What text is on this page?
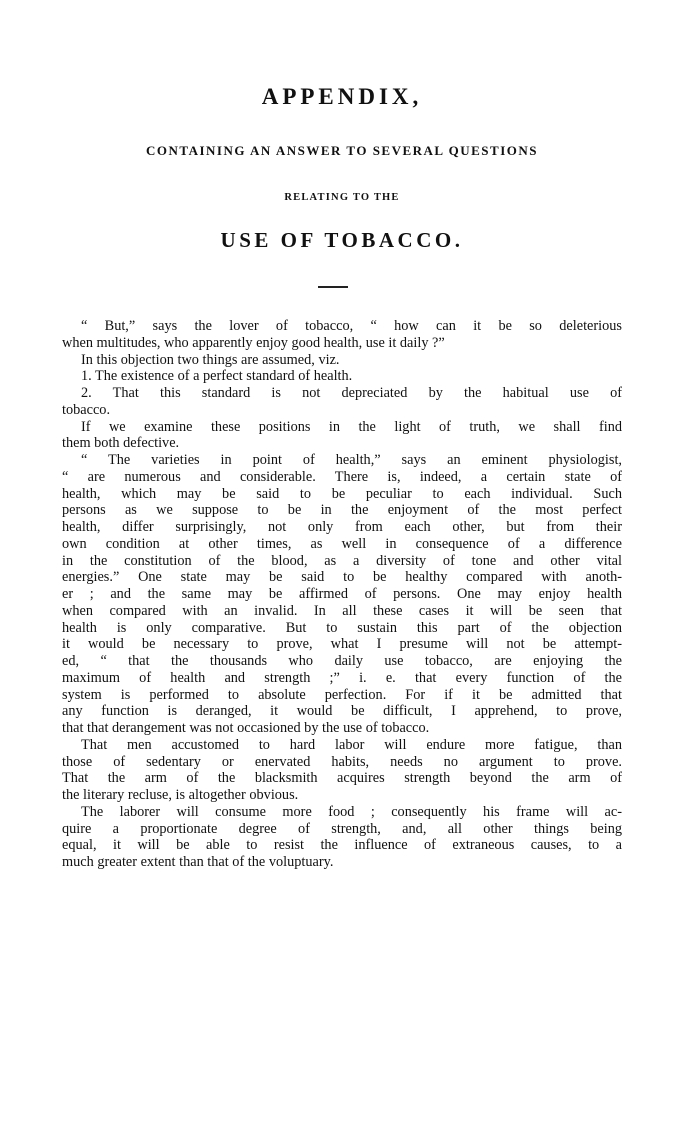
APPENDIX,
CONTAINING AN ANSWER TO SEVERAL QUESTIONS
RELATING TO THE
USE OF TOBACCO.
“ But,” says the lover of tobacco, “ how can it be so deleterious
when multitudes, who apparently enjoy good health, use it daily ?”
In this objection two things are assumed, viz.
1. The existence of a perfect standard of health.
2. That this standard is not depreciated by the habitual use of
tobacco.
If we examine these positions in the light of truth, we shall find
them both defective.
“ The varieties in point of health,” says an eminent physiologist,
“ are numerous and considerable. There is, indeed, a certain state of
health, which may be said to be peculiar to each individual. Such
persons as we suppose to be in the enjoyment of the most perfect
health, differ surprisingly, not only from each other, but from their
own condition at other times, as well in consequence of a difference
in the constitution of the blood, as a diversity of tone and other vital
energies.” One state may be said to be healthy compared with anoth-
er ; and the same may be affirmed of persons. One may enjoy health
when compared with an invalid. In all these cases it will be seen that
health is only comparative. But to sustain this part of the objection
it would be necessary to prove, what I presume will not be attempt-
ed, “ that the thousands who daily use tobacco, are enjoying the
maximum of health and strength ;” i. e. that every function of the
system is performed to absolute perfection. For if it be admitted that
any function is deranged, it would be difficult, I apprehend, to prove,
that that derangement was not occasioned by the use of tobacco.
That men accustomed to hard labor will endure more fatigue, than
those of sedentary or enervated habits, needs no argument to prove.
That the arm of the blacksmith acquires strength beyond the arm of
the literary recluse, is altogether obvious.
The laborer will consume more food ; consequently his frame will ac-
quire a proportionate degree of strength, and, all other things being
equal, it will be able to resist the influence of extraneous causes, to a
much greater extent than that of the voluptuary.
